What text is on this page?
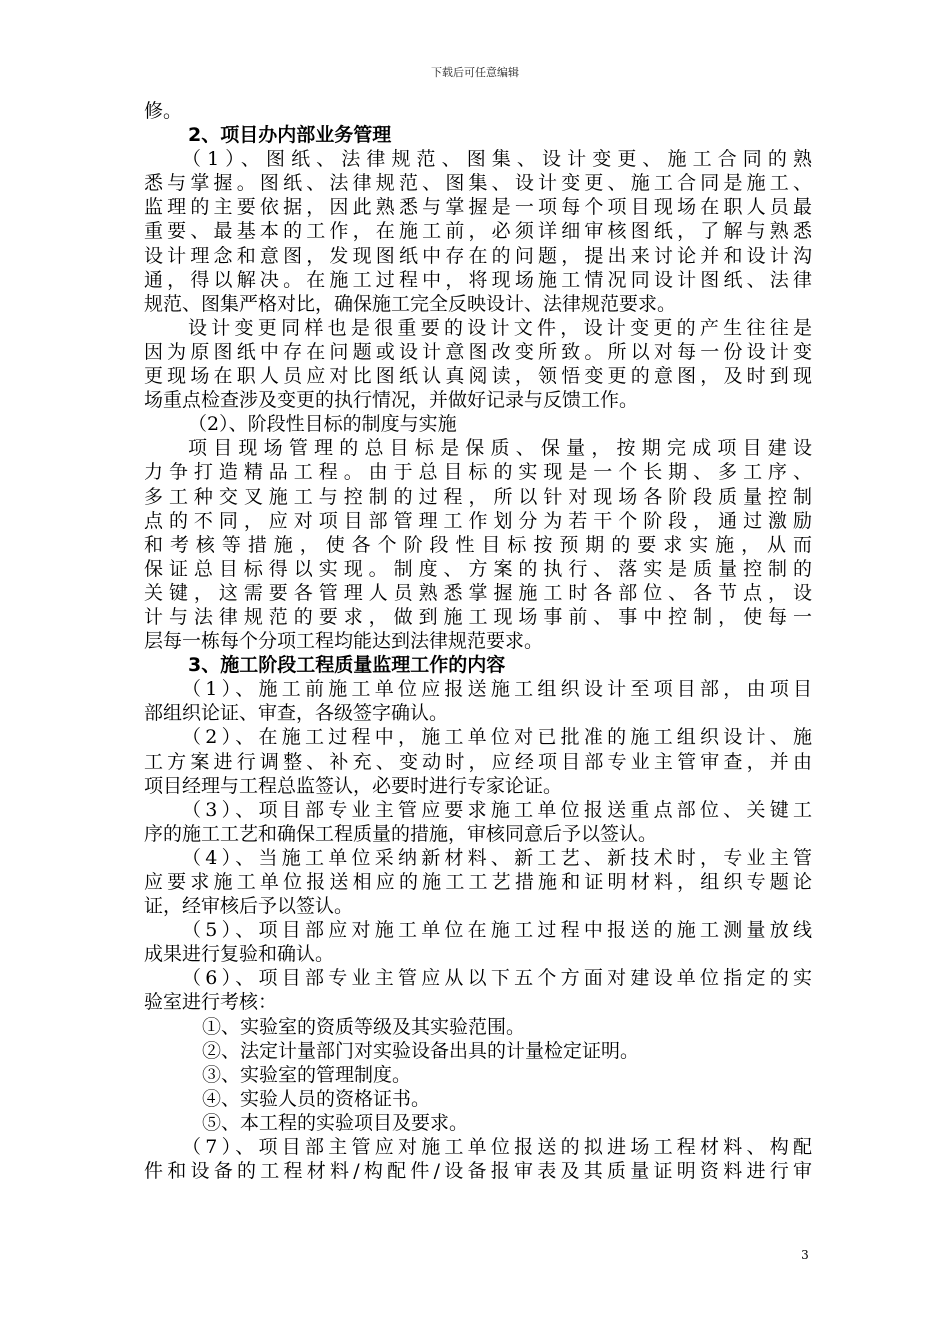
下载后可任意编辑
修。
2、项目办内部业务管理
（1）、图纸、法律规范、图集、设计变更、施工合同的熟
悉与掌握。图纸、法律规范、图集、设计变更、施工合同是施工、
监理的主要依据，因此熟悉与掌握是一项每个项目现场在职人员最
重要、最基本的工作，在施工前，必须详细审核图纸，了解与熟悉
设计理念和意图，发现图纸中存在的问题，提出来讨论并和设计沟
通，得以解决。在施工过程中，将现场施工情况同设计图纸、法律
规范、图集严格对比，确保施工完全反映设计、法律规范要求。
设计变更同样也是很重要的设计文件，设计变更的产生往往是
因为原图纸中存在问题或设计意图改变所致。所以对每一份设计变
更现场在职人员应对比图纸认真阅读，领悟变更的意图，及时到现
场重点检查涉及变更的执行情况，并做好记录与反馈工作。
（2）、阶段性目标的制度与实施
项目现场管理的总目标是保质、保量，按期完成项目建设
力争打造精品工程。由于总目标的实现是一个长期、多工序、
多工种交叉施工与控制的过程，所以针对现场各阶段质量控制
点的不同，应对项目部管理工作划分为若干个阶段，通过激励
和考核等措施，使各个阶段性目标按预期的要求实施，从而
保证总目标得以实现。制度、方案的执行、落实是质量控制的
关键，这需要各管理人员熟悉掌握施工时各部位、各节点，设
计与法律规范的要求，做到施工现场事前、事中控制，使每一
层每一栋每个分项工程均能达到法律规范要求。
3、施工阶段工程质量监理工作的内容
（1）、施工前施工单位应报送施工组织设计至项目部，由项目
部组织论证、审查，各级签字确认。
（2）、在施工过程中，施工单位对已批准的施工组织设计、施
工方案进行调整、补充、变动时，应经项目部专业主管审查，并由
项目经理与工程总监签认，必要时进行专家论证。
（3）、项目部专业主管应要求施工单位报送重点部位、关键工
序的施工工艺和确保工程质量的措施，审核同意后予以签认。
（4）、当施工单位采纳新材料、新工艺、新技术时，专业主管
应要求施工单位报送相应的施工工艺措施和证明材料，组织专题论
证，经审核后予以签认。
（5）、项目部应对施工单位在施工过程中报送的施工测量放线
成果进行复验和确认。
（6）、项目部专业主管应从以下五个方面对建设单位指定的实
验室进行考核：
①、实验室的资质等级及其实验范围。
②、法定计量部门对实验设备出具的计量检定证明。
③、实验室的管理制度。
④、实验人员的资格证书。
⑤、本工程的实验项目及要求。
（7）、项目部主管应对施工单位报送的拟进场工程材料、构配
件和设备的工程材料/构配件/设备报审表及其质量证明资料进行审
3
